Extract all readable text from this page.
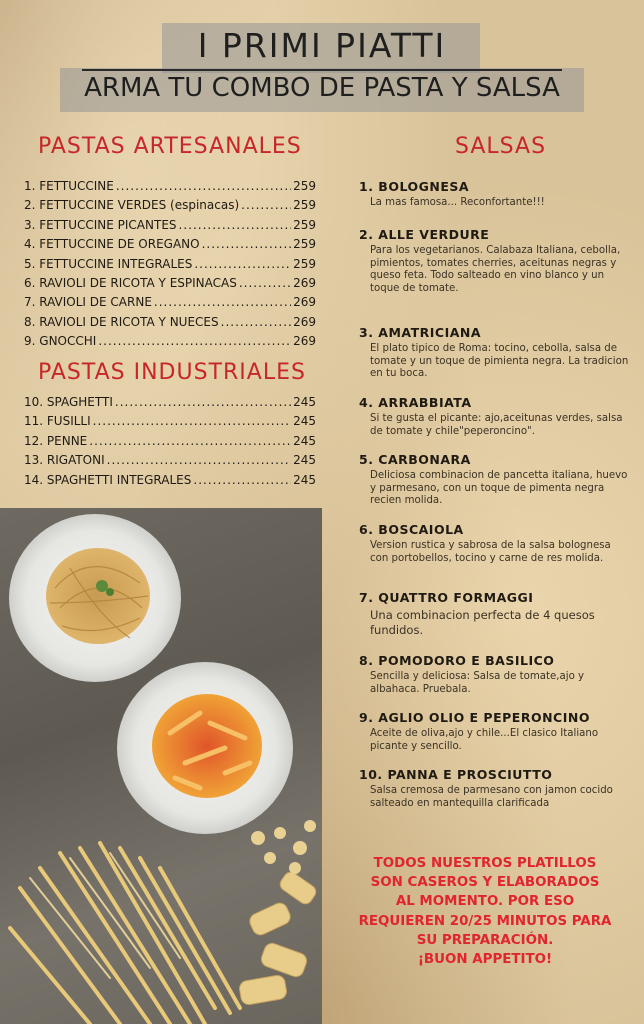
I PRIMI PIATTI
ARMA TU COMBO DE PASTA Y SALSA
PASTAS ARTESANALES
1. FETTUCCINE .....	259
2. FETTUCCINE VERDES (espinacas) .....	259
3. FETTUCCINE PICANTES .....	259
4. FETTUCCINE DE OREGANO .....	259
5. FETTUCCINE INTEGRALES .....	259
6. RAVIOLI DE RICOTA Y ESPINACAS .....	269
7. RAVIOLI DE CARNE .....	269
8. RAVIOLI DE RICOTA Y NUECES .....	269
9. GNOCCHI .....	269
PASTAS INDUSTRIALES
10. SPAGHETTI .....	245
11. FUSILLI .....	245
12. PENNE .....	245
13. RIGATONI .....	245
14. SPAGHETTI INTEGRALES .....	245
SALSAS
1. BOLOGNESA
La mas famosa... Reconfortante!!!
2. ALLE VERDURE
Para los vegetarianos. Calabaza Italiana, cebolla, pimientos, tomates cherries, aceitunas negras y queso feta. Todo salteado en vino blanco y un toque de tomate.
3. AMATRICIANA
El plato tipico de Roma: tocino, cebolla, salsa de tomate y un toque de pimienta negra. La tradicion en tu boca.
4. ARRABBIATA
Si te gusta el picante: ajo,aceitunas verdes, salsa de tomate y chile"peperoncino".
5. CARBONARA
Deliciosa combinacion de pancetta italiana, huevo y parmesano, con un toque de pimenta negra recien molida.
6. BOSCAIOLA
Version rustica y sabrosa de la salsa bolognesa con portobellos, tocino y carne de res molida.
7. QUATTRO FORMAGGI
Una combinacion perfecta de 4 quesos fundidos.
8. POMODORO E BASILICO
Sencilla y deliciosa: Salsa de tomate,ajo y albahaca. Pruebala.
9. AGLIO OLIO E PEPERONCINO
Aceite de oliva,ajo y chile...El clasico Italiano picante y sencillo.
10. PANNA E PROSCIUTTO
Salsa cremosa de parmesano con jamon cocido salteado en mantequilla clarificada
TODOS NUESTROS PLATILLOS
SON CASEROS Y ELABORADOS
AL MOMENTO. POR ESO
REQUIEREN 20/25 MINUTOS PARA
SU PREPARACIÓN.
¡BUON APPETITO!
